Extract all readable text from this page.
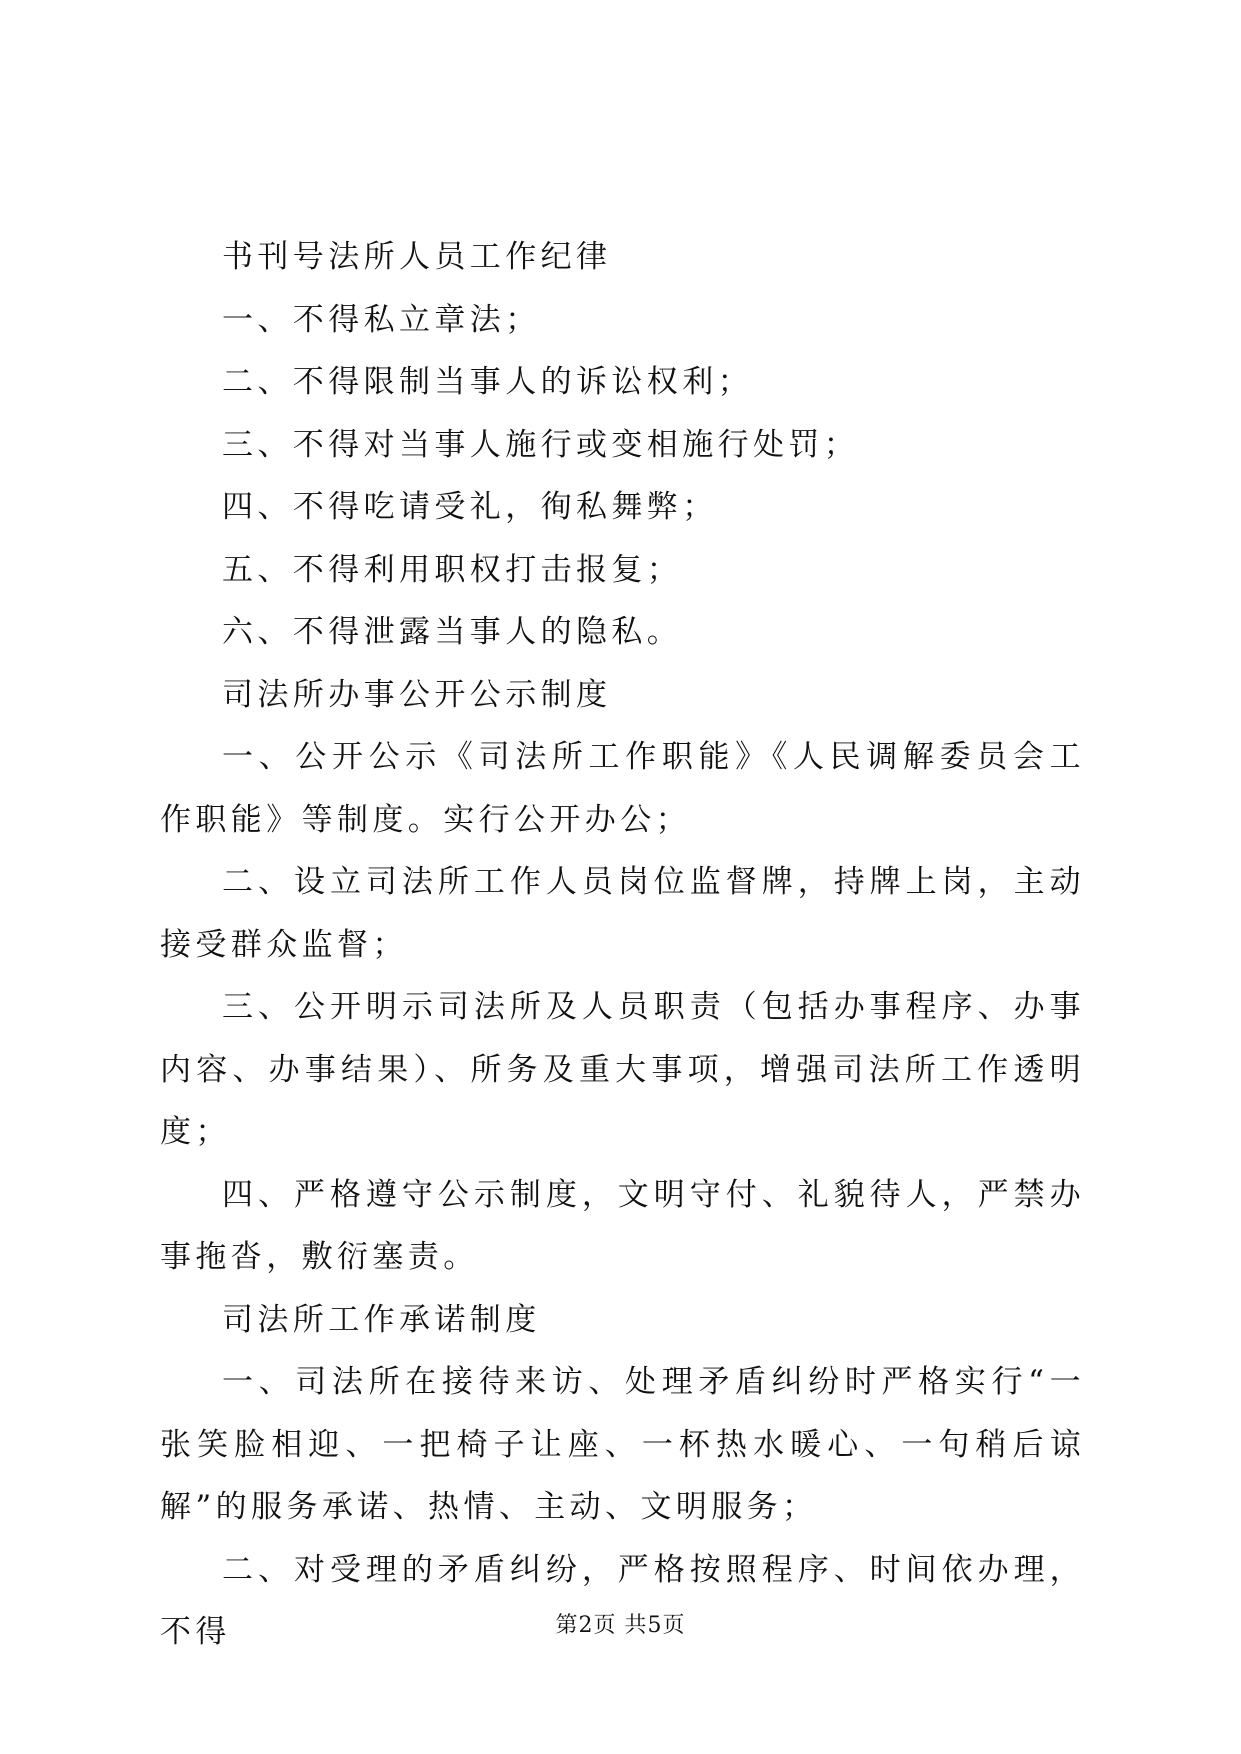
书刊号法所人员工作纪律

一、不得私立章法；

二、不得限制当事人的诉讼权利；

三、不得对当事人施行或变相施行处罚；

四、不得吃请受礼，徇私舞弊；

五、不得利用职权打击报复；

六、不得泄露当事人的隐私。

司法所办事公开公示制度

一、公开公示《司法所工作职能》《人民调解委员会工作职能》等制度。实行公开办公；

二、设立司法所工作人员岗位监督牌，持牌上岗，主动接受群众监督；

三、公开明示司法所及人员职责（包括办事程序、办事内容、办事结果）、所务及重大事项，增强司法所工作透明度；

四、严格遵守公示制度，文明守付、礼貌待人，严禁办事拖沓，敷衍塞责。

司法所工作承诺制度

一、司法所在接待来访、处理矛盾纠纷时严格实行“一张笑脸相迎、一把椅子让座、一杯热水暖心、一句稍后谅解”的服务承诺、热情、主动、文明服务；

二、对受理的矛盾纠纷，严格按照程序、时间依办理，不得	第2页 共5页
